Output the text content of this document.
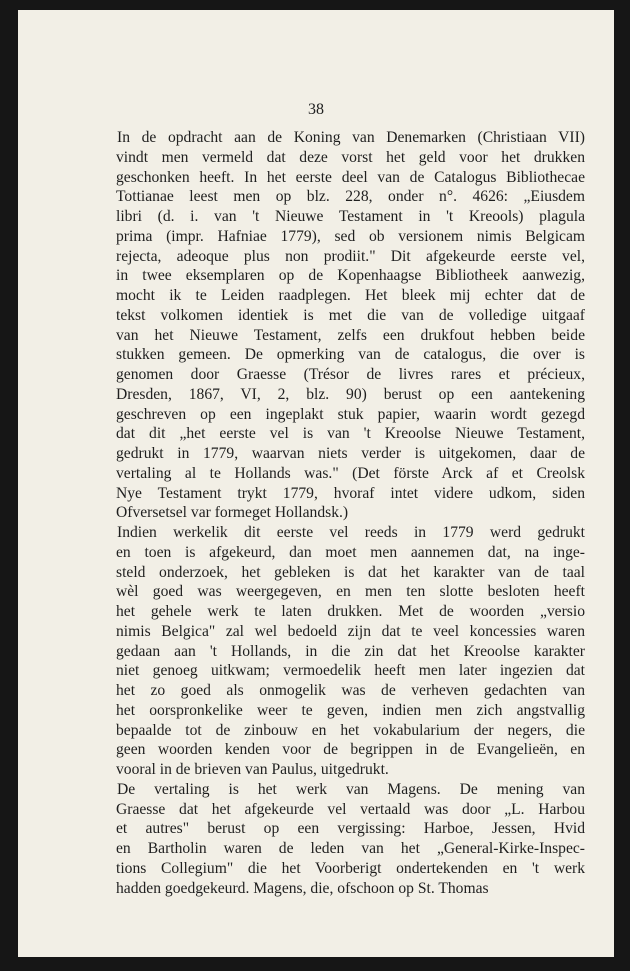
38
In de opdracht aan de Koning van Denemarken (Christiaan VII)
vindt men vermeld dat deze vorst het geld voor het drukken
geschonken heeft. In het eerste deel van de Catalogus Bibliothecae
Tottianae leest men op blz. 228, onder n°. 4626: „Eiusdem
libri (d. i. van 't Nieuwe Testament in 't Kreools) plagula
prima (impr. Hafniae 1779), sed ob versionem nimis Belgicam
rejecta, adeoque plus non prodiit." Dit afgekeurde eerste vel,
in twee eksemplaren op de Kopenhaagse Bibliotheek aanwezig,
mocht ik te Leiden raadplegen. Het bleek mij echter dat de
tekst volkomen identiek is met die van de volledige uitgaaf
van het Nieuwe Testament, zelfs een drukfout hebben beide
stukken gemeen. De opmerking van de catalogus, die over is
genomen door Graesse (Trésor de livres rares et précieux,
Dresden, 1867, VI, 2, blz. 90) berust op een aantekening
geschreven op een ingeplakt stuk papier, waarin wordt gezegd
dat dit „het eerste vel is van 't Kreoolse Nieuwe Testament,
gedrukt in 1779, waarvan niets verder is uitgekomen, daar de
vertaling al te Hollands was." (Det förste Arck af et Creolsk
Nye Testament trykt 1779, hvoraf intet videre udkom, siden
Ofversetsel var formeget Hollandsk.)
Indien werkelik dit eerste vel reeds in 1779 werd gedrukt
en toen is afgekeurd, dan moet men aannemen dat, na inge-
steld onderzoek, het gebleken is dat het karakter van de taal
wèl goed was weergegeven, en men ten slotte besloten heeft
het gehele werk te laten drukken. Met de woorden „versio
nimis Belgica" zal wel bedoeld zijn dat te veel koncessies waren
gedaan aan 't Hollands, in die zin dat het Kreoolse karakter
niet genoeg uitkwam; vermoedelik heeft men later ingezien dat
het zo goed als onmogelik was de verheven gedachten van
het oorspronkelike weer te geven, indien men zich angstvallig
bepaalde tot de zinbouw en het vokabularium der negers, die
geen woorden kenden voor de begrippen in de Evangelieën, en
vooral in de brieven van Paulus, uitgedrukt.
De vertaling is het werk van Magens. De mening van
Graesse dat het afgekeurde vel vertaald was door „L. Harbou
et autres" berust op een vergissing: Harboe, Jessen, Hvid
en Bartholin waren de leden van het „General-Kirke-Inspec-
tions Collegium" die het Voorberigt ondertekenden en 't werk
hadden goedgekeurd. Magens, die, ofschoon op St. Thomas
